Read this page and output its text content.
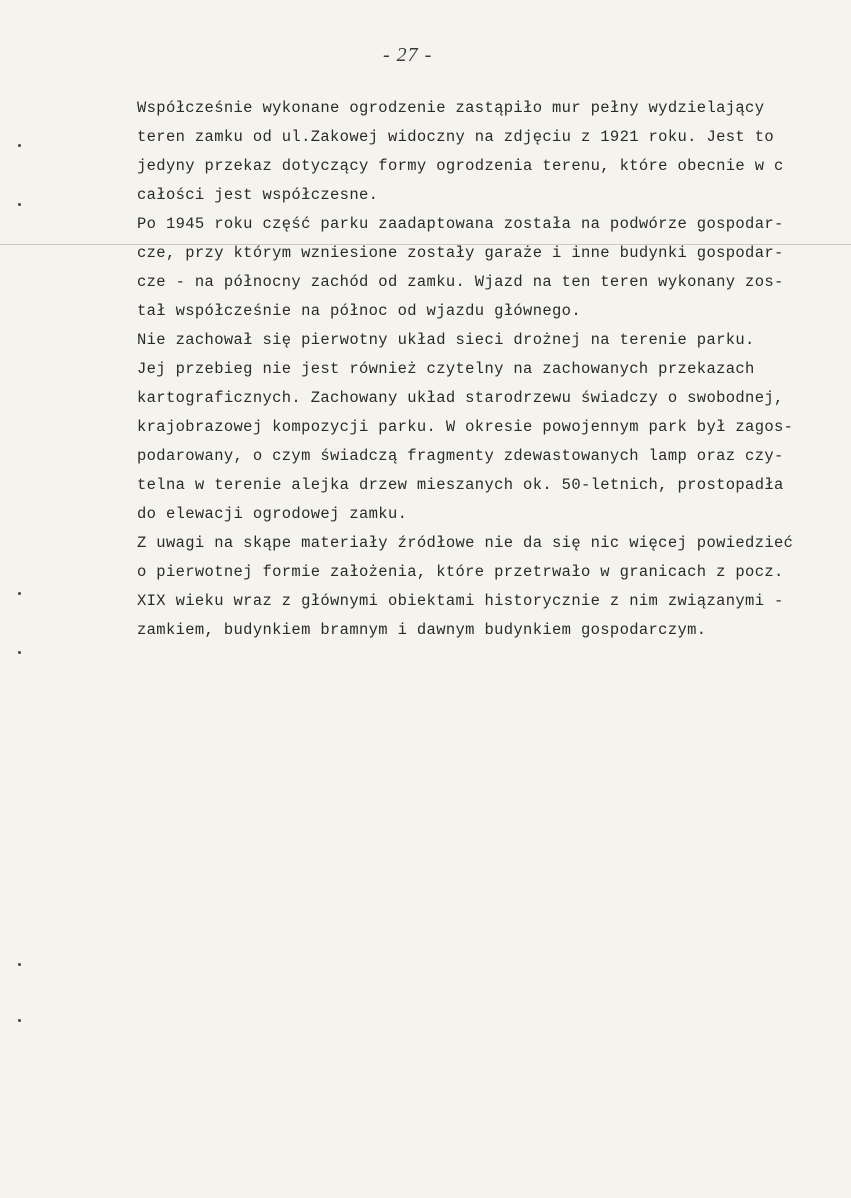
- 27 -
Współcześnie wykonane ogrodzenie zastąpiło mur pełny wydzielający
teren zamku od ul.Zakowej widoczny na zdjęciu z 1921 roku. Jest to
jedyny przekaz dotyczący formy ogrodzenia terenu, które obecnie w c
całości jest współczesne.
Po 1945 roku część parku zaadaptowana została na podwórze gospodar-
cze, przy którym wzniesione zostały garaże i inne budynki gospodar-
cze - na północny zachód od zamku. Wjazd na ten teren wykonany zos-
tał współcześnie na północ od wjazdu głównego.
Nie zachował się pierwotny układ sieci drożnej na terenie parku.
Jej przebieg nie jest również czytelny na zachowanych przekazach
kartograficznych. Zachowany układ starodrzewu świadczy o swobodnej,
krajobrazowej kompozycji parku. W okresie powojennym park był zagos-
podarowany, o czym świadczą fragmenty zdewastowanych lamp oraz czy-
telna w terenie alejka drzew mieszanych ok. 50-letnich, prostopadła
do elewacji ogrodowej zamku.
Z uwagi na skąpe materiały źródłowe nie da się nic więcej powiedzieć
o pierwotnej formie założenia, które przetrwało w granicach z pocz.
XIX wieku wraz z głównymi obiektami historycznie z nim związanymi -
zamkiem, budynkiem bramnym i dawnym budynkiem gospodarczym.
